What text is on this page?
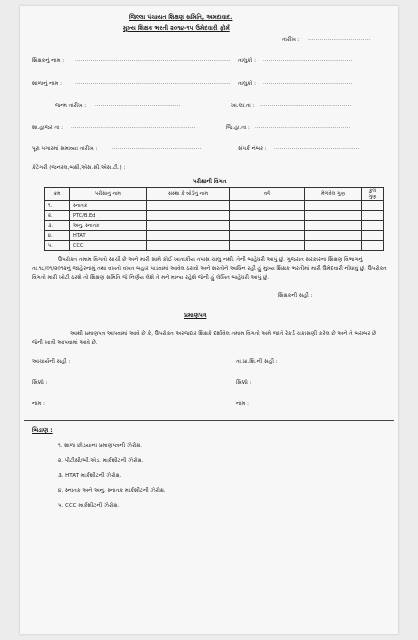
જિલ્લા પંચાયત શિક્ષણ સમિતિ, અમદાવાદ.
મુખ્ય શિક્ષક ભરતી ૨૦૧૪-૧૫ ઉમેદવારી ફોર્મ
તારીખ : ................................
શિક્ષકનું નામ : ................................................................................ તાલુકો : ..............................................
શાળાનું નામ : ................................................................................ તાલુકો : ..............................................
જન્મ તારીખ : ............................................	ખા.લા.તા : ...............................................
શા.હાજર તા : ................................................................	જિ.હા.તા : .................................................
પૂરા પગારમાં સમાવ્યા તારીખ :	..............................................	સંપર્ક નંબર : ............................................
કેટેગરી (જનરલ,બક્ષી,એસ.સી.એસ.ટી.) :
પરીક્ષાની વિગત
ક્રમ	પરીક્ષાનું નામ	સંસ્થા કે બોર્ડનું નામ	વર્ષ	મેળવેલ ગુણ	કુલ ગુણ
૧.	સ્નાતક				
૨.	PTC/B.Ed				
૩.	અનુ. સ્નાતક				
૪.	HTAT				
૫.	CCC				
ઉપરોક્ત તમામ વિગતો સાચી છે અને મારી સામે કોઈ ખાતાકીય તપાસ ચાલુ નથી. તેની બાહેધરી આપું છું. ગુજરાત સરકારના શિક્ષણ વિભાગનું તા.૧૮/૦૧/૨૦૧૨નું જાહેરનામું તથા વખતો વખત બહાર પાડવામાં આવેલ ઠરાવો અને શરતોને આધિન રહી હું મુખ્ય શિક્ષક ભરતીમાં મારી ઉમેદવારી નોંધાવું છું. ઉપરોક્ત વિગતો મારી ખોટી ઠરશે તો શિક્ષણ સમિતિ જે નિર્ણય લેશે તે મને માન્ય રહેશે જેની હું લેખિત બાહેધરી આપું છું.
શિક્ષકની સહી :
પ્રમાણપત્ર
આથી પ્રમાણપત્ર આપવામાં આવે છે કે, ઉપરોક્ત અરજદાર શિક્ષકે દર્શાવેલ તમામ વિગતો અમે જાતે રેકર્ડ ચકાસણી કરેલ છે અને તે બરાબર છે જેની ખાત્રી આપવામાં આવે છે.
આચાર્યની સહી :	તા.પ્રા.શિ.ની સહી :
સિક્કો :	સિક્કો :
નામ :	નામ :
બિડાણ :
૧. શાળા છોડયાના પ્રમાણપત્રની ઝેરોક્ષ.
૨. પીટીસી/બી.એડ. માર્કશીટની ઝેરોક્ષ.
૩. HTAT માર્કશીટની ઝેરોક્ષ.
૪. સ્નાતક અને અનુ. સ્નાતક માર્કશીટની ઝેરોક્ષ.
૫. CCC માર્કશીટની ઝેરોક્ષ.
